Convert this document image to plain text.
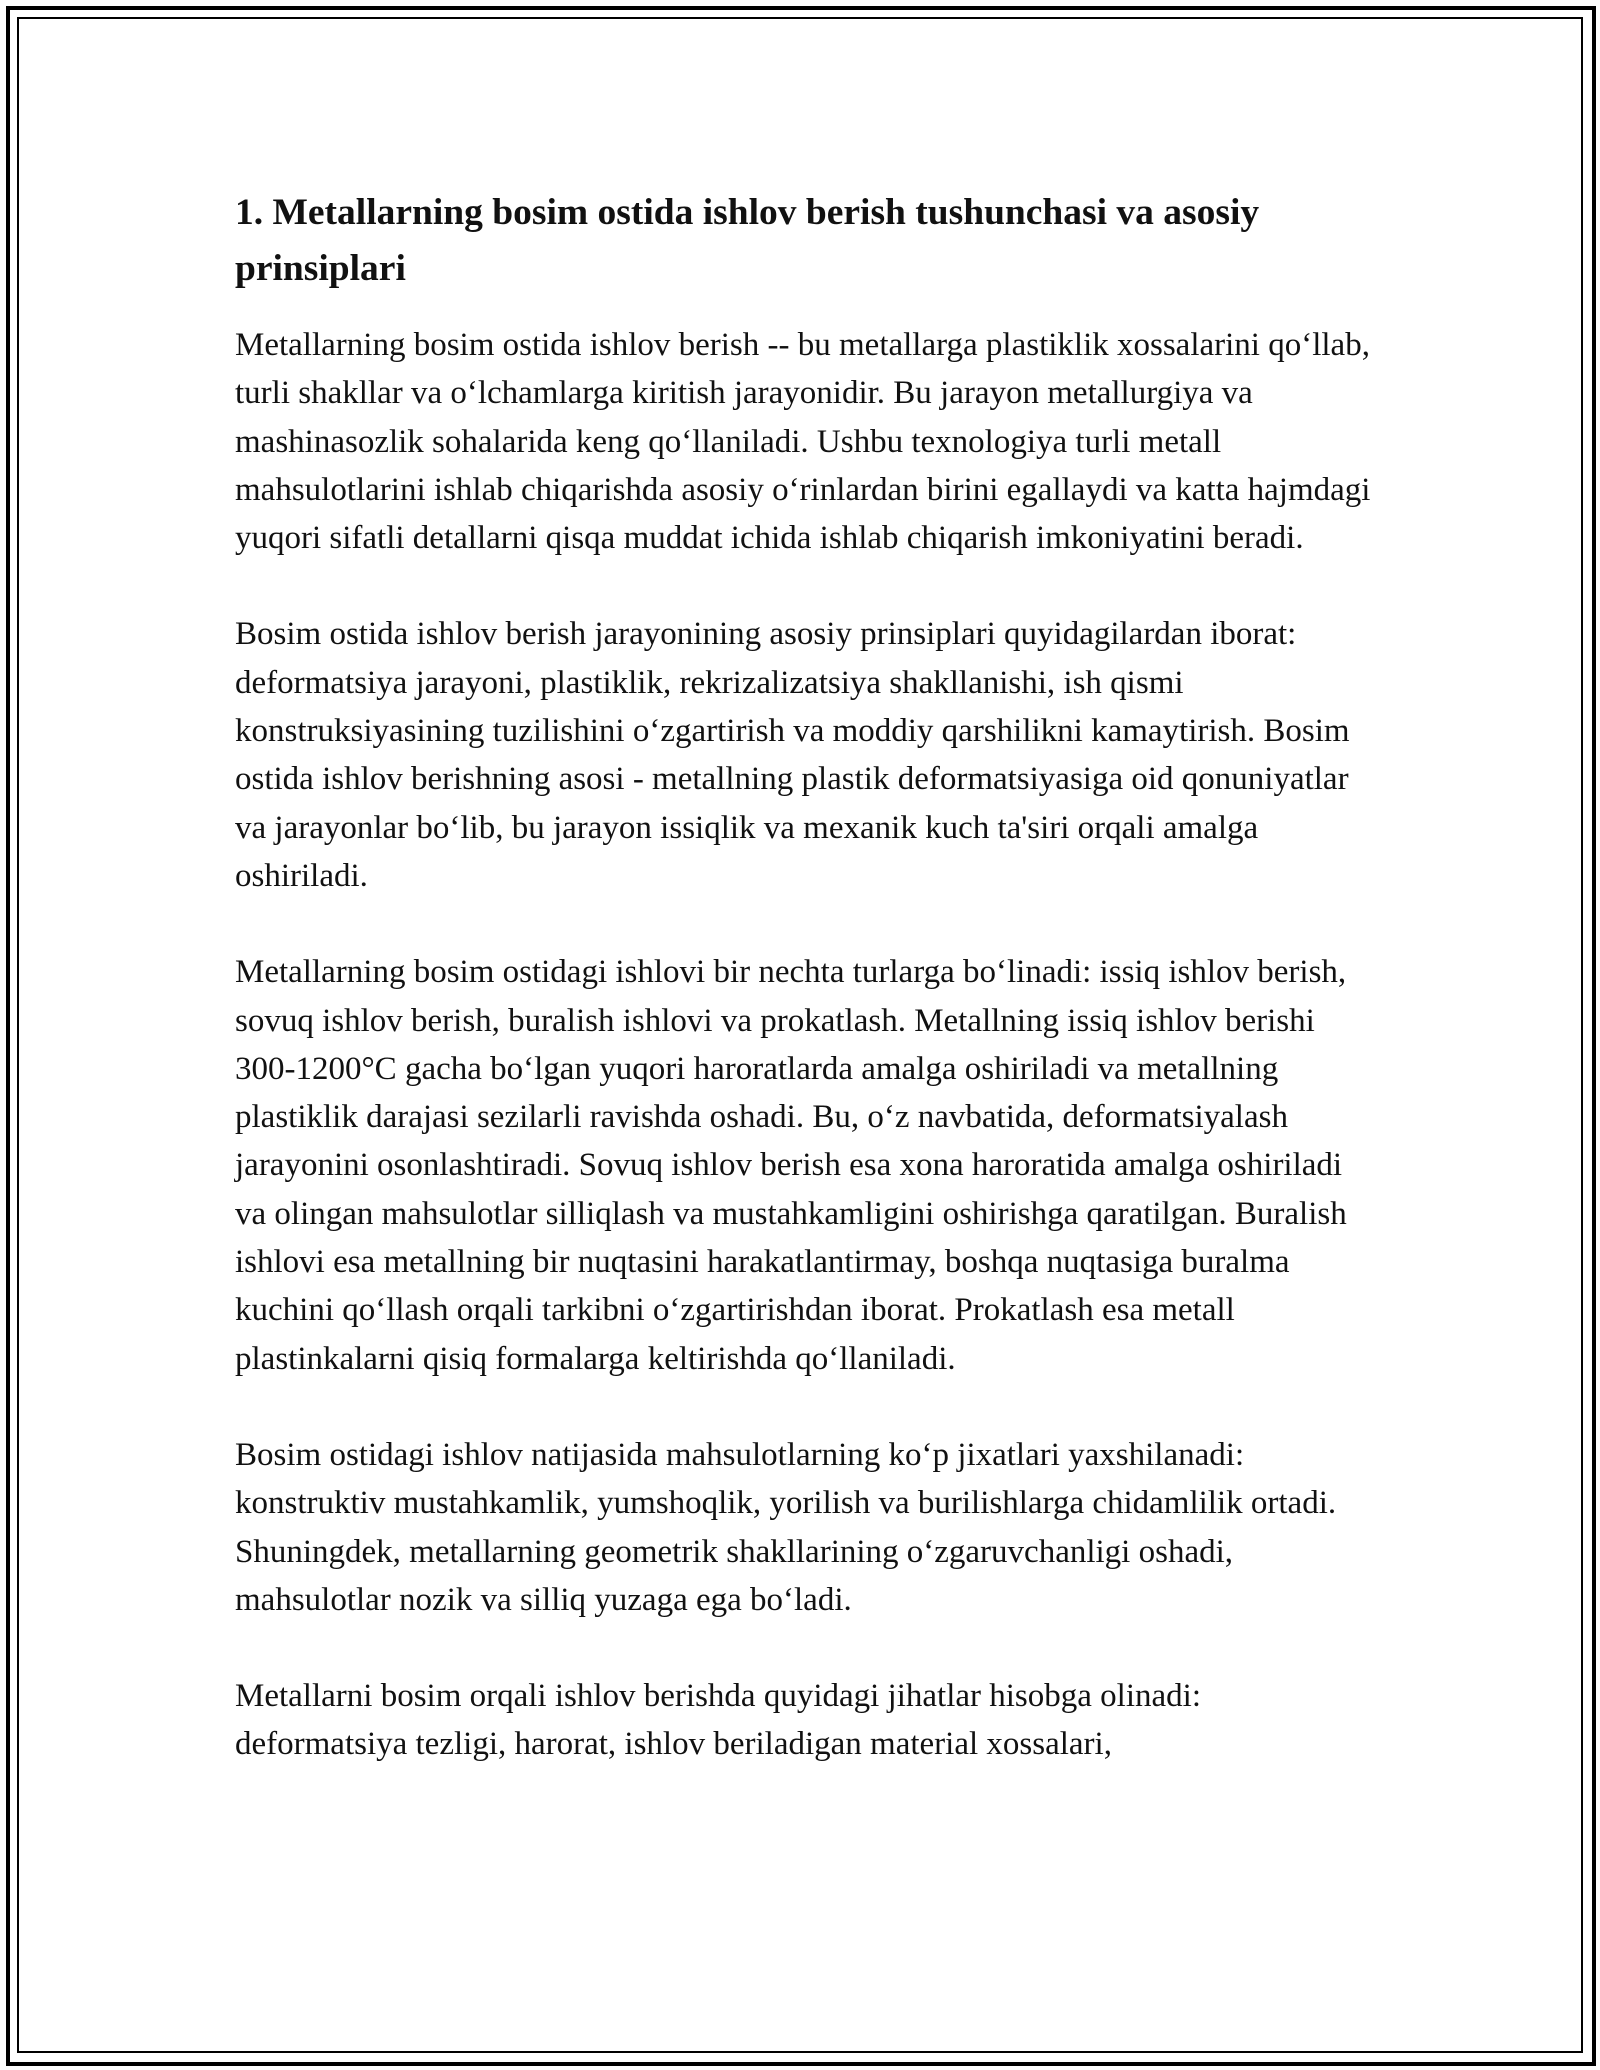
1. Metallarning bosim ostida ishlov berish tushunchasi va asosiy prinsiplari

Metallarning bosim ostida ishlov berish -- bu metallarga plastiklik xossalarini qo‘llab, turli shakllar va o‘lchamlarga kiritish jarayonidir. Bu jarayon metallurgiya va mashinasozlik sohalarida keng qo‘llaniladi. Ushbu texnologiya turli metall mahsulotlarini ishlab chiqarishda asosiy o‘rinlardan birini egallaydi va katta hajmdagi yuqori sifatli detallarni qisqa muddat ichida ishlab chiqarish imkoniyatini beradi.

Bosim ostida ishlov berish jarayonining asosiy prinsiplari quyidagilardan iborat: deformatsiya jarayoni, plastiklik, rekrizalizatsiya shakllanishi, ish qismi konstruksiyasining tuzilishini o‘zgartirish va moddiy qarshilikni kamaytirish. Bosim ostida ishlov berishning asosi - metallning plastik deformatsiyasiga oid qonuniyatlar va jarayonlar bo‘lib, bu jarayon issiqlik va mexanik kuch ta'siri orqali amalga oshiriladi.

Metallarning bosim ostidagi ishlovi bir nechta turlarga bo‘linadi: issiq ishlov berish, sovuq ishlov berish, buralish ishlovi va prokatlash. Metallning issiq ishlov berishi 300-1200°C gacha bo‘lgan yuqori haroratlarda amalga oshiriladi va metallning plastiklik darajasi sezilarli ravishda oshadi. Bu, o‘z navbatida, deformatsiyalash jarayonini osonlashtiradi. Sovuq ishlov berish esa xona haroratida amalga oshiriladi va olingan mahsulotlar silliqlash va mustahkamligini oshirishga qaratilgan. Buralish ishlovi esa metallning bir nuqtasini harakatlantirmay, boshqa nuqtasiga buralma kuchini qo‘llash orqali tarkibni o‘zgartirishdan iborat. Prokatlash esa metall plastinkalarni qisiq formalarga keltirishda qo‘llaniladi.

Bosim ostidagi ishlov natijasida mahsulotlarning ko‘p jixatlari yaxshilanadi: konstruktiv mustahkamlik, yumshoqlik, yorilish va burilishlarga chidamlilik ortadi. Shuningdek, metallarning geometrik shakllarining o‘zgaruvchanligi oshadi, mahsulotlar nozik va silliq yuzaga ega bo‘ladi.

Metallarni bosim orqali ishlov berishda quyidagi jihatlar hisobga olinadi: deformatsiya tezligi, harorat, ishlov beriladigan material xossalari,
